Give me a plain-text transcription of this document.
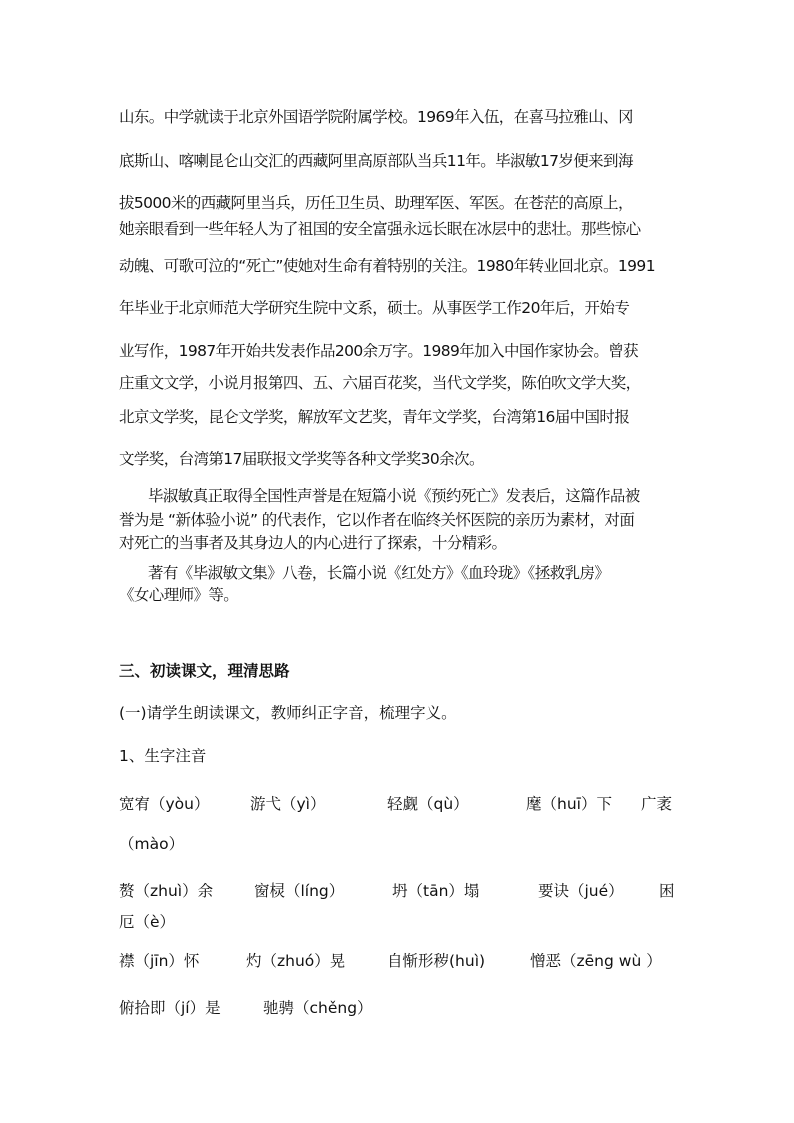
山东。中学就读于北京外国语学院附属学校。1969年入伍，在喜马拉雅山、冈
底斯山、喀喇昆仑山交汇的西藏阿里高原部队当兵11年。毕淑敏17岁便来到海
拔5000米的西藏阿里当兵，历任卫生员、助理军医、军医。在苍茫的高原上，
她亲眼看到一些年轻人为了祖国的安全富强永远长眠在冰层中的悲壮。那些惊心
动魄、可歌可泣的“死亡”使她对生命有着特别的关注。1980年转业回北京。1991
年毕业于北京师范大学研究生院中文系，硕士。从事医学工作20年后，开始专
业写作，1987年开始共发表作品200余万字。1989年加入中国作家协会。曾获
庄重文文学，小说月报第四、五、六届百花奖，当代文学奖，陈伯吹文学大奖，
北京文学奖，昆仑文学奖，解放军文艺奖，青年文学奖，台湾第16届中国时报
文学奖，台湾第17届联报文学奖等各种文学奖30余次。
毕淑敏真正取得全国性声誉是在短篇小说《预约死亡》发表后，这篇作品被
誉为是 “新体验小说” 的代表作，它以作者在临终关怀医院的亲历为素材，对面
对死亡的当事者及其身边人的内心进行了探索，十分精彩。
著有《毕淑敏文集》八卷，长篇小说《红处方》《血玲珑》《拯救乳房》
《女心理师》等。
三、初读课文，理清思路
(一)请学生朗读课文，教师纠正字音，梳理字义。
1、生字注音
宽宥（yòu）	游弋（yì）	轻觑（qù）	麾（huī）下 广袤
（mào）
赘（zhuì）余	窗棂（líng）	坍（tān）塌	要诀（jué） 困
厄（è）
襟（jīn）怀	灼（zhuó）晃	自惭形秽(huì)	憎恶（zēng wù ）
俯拾即（jí）是	驰骋（chěng）
